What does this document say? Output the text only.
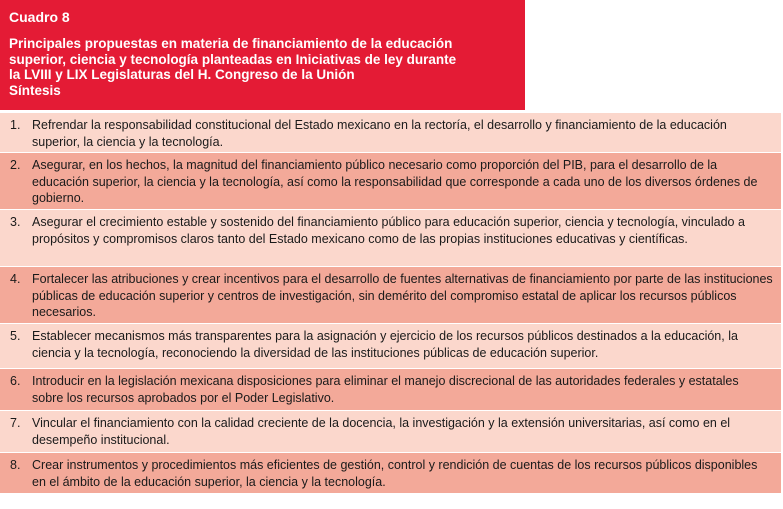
Cuadro 8
Principales propuestas en materia de financiamiento de la educación
superior, ciencia y tecnología planteadas en Iniciativas de ley durante
la LVIII y LIX Legislaturas del H. Congreso de la Unión
Síntesis
1. Refrendar la responsabilidad constitucional del Estado mexicano en la rectoría, el desarrollo y financiamiento de la educación superior, la ciencia y la tecnología.
2. Asegurar, en los hechos, la magnitud del financiamiento público necesario como proporción del PIB, para el desarrollo de la educación superior, la ciencia y la tecnología, así como la responsabilidad que corresponde a cada uno de los diversos órdenes de gobierno.
3. Asegurar el crecimiento estable y sostenido del financiamiento público para educación superior, ciencia y tecnología, vinculado a propósitos y compromisos claros tanto del Estado mexicano como de las propias instituciones educativas y científicas.
4. Fortalecer las atribuciones y crear incentivos para el desarrollo de fuentes alternativas de financiamiento por parte de las instituciones públicas de educación superior y centros de investigación, sin demérito del compromiso estatal de aplicar los recursos públicos necesarios.
5. Establecer mecanismos más transparentes para la asignación y ejercicio de los recursos públicos destinados a la educación, la ciencia y la tecnología, reconociendo la diversidad de las instituciones públicas de educación superior.
6. Introducir en la legislación mexicana disposiciones para eliminar el manejo discrecional de las autoridades federales y estatales sobre los recursos aprobados por el Poder Legislativo.
7. Vincular el financiamiento con la calidad creciente de la docencia, la investigación y la extensión universitarias, así como en el desempeño institucional.
8. Crear instrumentos y procedimientos más eficientes de gestión, control y rendición de cuentas de los recursos públicos disponibles en el ámbito de la educación superior, la ciencia y la tecnología.
